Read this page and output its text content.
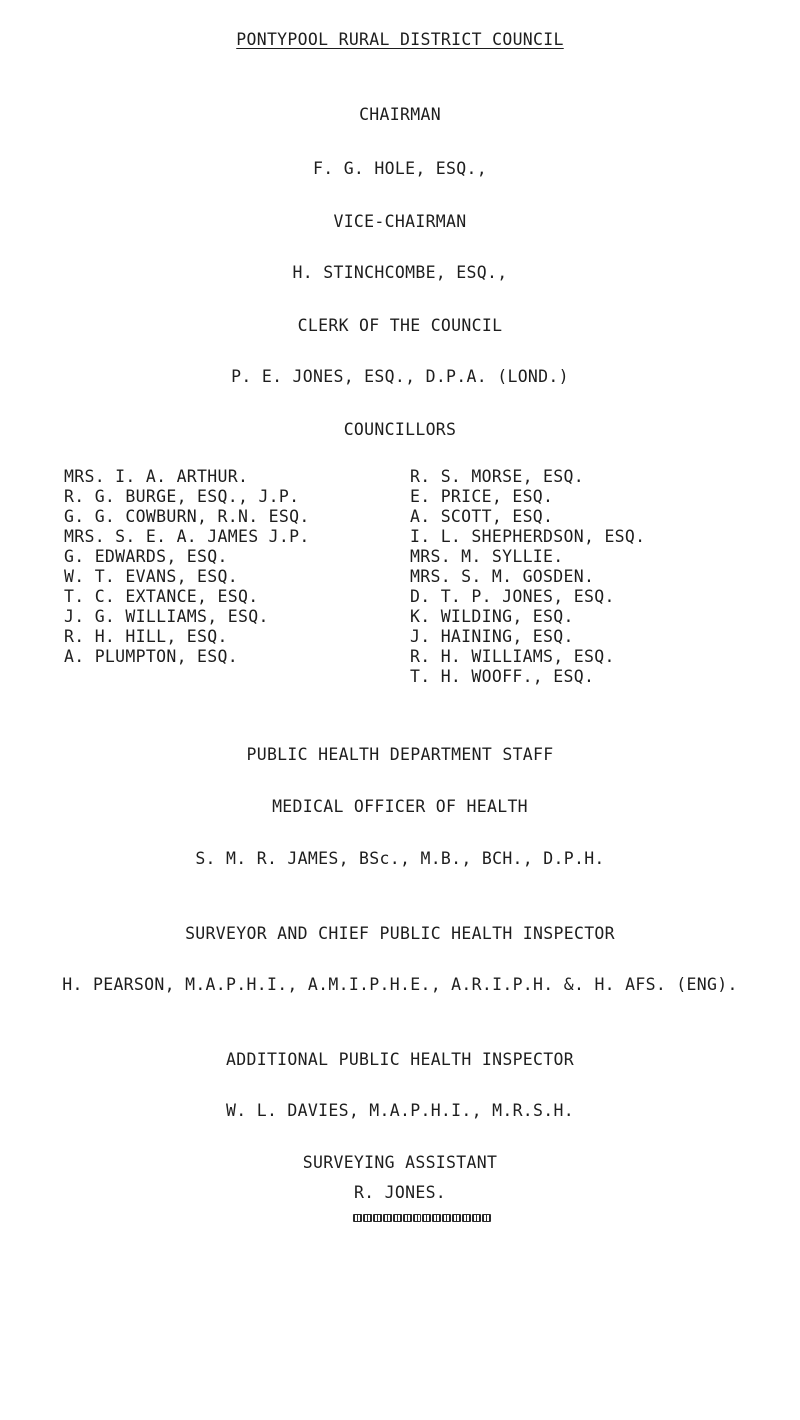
PONTYPOOL RURAL DISTRICT COUNCIL
CHAIRMAN
F. G. HOLE, ESQ.,
VICE-CHAIRMAN
H. STINCHCOMBE, ESQ.,
CLERK OF THE COUNCIL
P. E. JONES, ESQ., D.P.A. (LOND.)
COUNCILLORS
MRS. I. A. ARTHUR.
R. G. BURGE, ESQ., J.P.
G. G. COWBURN, R.N. ESQ.
MRS. S. E. A. JAMES J.P.
G. EDWARDS, ESQ.
W. T. EVANS, ESQ.
T. C. EXTANCE, ESQ.
J. G. WILLIAMS, ESQ.
R. H. HILL, ESQ.
A. PLUMPTON, ESQ.
R. S. MORSE, ESQ.
E. PRICE, ESQ.
A. SCOTT, ESQ.
I. L. SHEPHERDSON, ESQ.
MRS. M. SYLLIE.
MRS. S. M. GOSDEN.
D. T. P. JONES, ESQ.
K. WILDING, ESQ.
J. HAINING, ESQ.
R. H. WILLIAMS, ESQ.
T. H. WOOFF., ESQ.
PUBLIC HEALTH DEPARTMENT STAFF
MEDICAL OFFICER OF HEALTH
S. M. R. JAMES, BSc., M.B., BCH., D.P.H.
SURVEYOR AND CHIEF PUBLIC HEALTH INSPECTOR
H. PEARSON, M.A.P.H.I., A.M.I.P.H.E., A.R.I.P.H. &. H. AFS. (ENG).
ADDITIONAL PUBLIC HEALTH INSPECTOR
W. L. DAVIES, M.A.P.H.I., M.R.S.H.
SURVEYING ASSISTANT
R. JONES.
